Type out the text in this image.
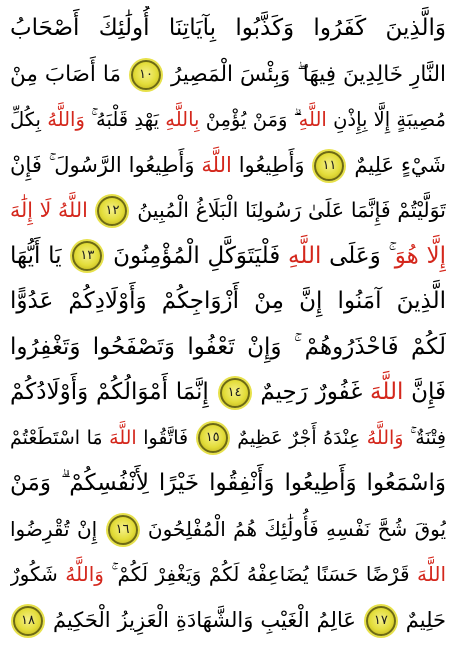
وَالَّذِينَ كَفَرُوا وَكَذَّبُوا بِآيَاتِنَا أُولَٰئِكَ أَصْحَابُ
النَّارِ خَالِدِينَ فِيهَا ۖ وَبِئْسَ الْمَصِيرُ ١٠ مَا أَصَابَ مِنْ
مُصِيبَةٍ إِلَّا بِإِذْنِ اللَّهِ ۗ وَمَنْ يُؤْمِنْ بِاللَّهِ يَهْدِ قَلْبَهُ ۚ وَاللَّهُ بِكُلِّ
شَيْءٍ عَلِيمٌ ١١ وَأَطِيعُوا اللَّهَ وَأَطِيعُوا الرَّسُولَ ۚ فَإِنْ
تَوَلَّيْتُمْ فَإِنَّمَا عَلَىٰ رَسُولِنَا الْبَلَاغُ الْمُبِينُ ١٢ اللَّهُ لَا إِلَٰهَ
إِلَّا هُوَ ۚ وَعَلَى اللَّهِ فَلْيَتَوَكَّلِ الْمُؤْمِنُونَ ١٣ يَا أَيُّهَا
الَّذِينَ آمَنُوا إِنَّ مِنْ أَزْوَاجِكُمْ وَأَوْلَادِكُمْ عَدُوًّا
لَكُمْ فَاحْذَرُوهُمْ ۚ وَإِنْ تَعْفُوا وَتَصْفَحُوا وَتَغْفِرُوا
فَإِنَّ اللَّهَ غَفُورٌ رَحِيمٌ ١٤ إِنَّمَا أَمْوَالُكُمْ وَأَوْلَادُكُمْ
فِتْنَةٌ ۚ وَاللَّهُ عِنْدَهُ أَجْرٌ عَظِيمٌ ١٥ فَاتَّقُوا اللَّهَ مَا اسْتَطَعْتُمْ
وَاسْمَعُوا وَأَطِيعُوا وَأَنْفِقُوا خَيْرًا لِأَنْفُسِكُمْ ۗ وَمَنْ
يُوقَ شُحَّ نَفْسِهِ فَأُولَٰئِكَ هُمُ الْمُفْلِحُونَ ١٦ إِنْ تُقْرِضُوا
اللَّهَ قَرْضًا حَسَنًا يُضَاعِفْهُ لَكُمْ وَيَغْفِرْ لَكُمْ ۚ وَاللَّهُ شَكُورٌ
حَلِيمٌ ١٧ عَالِمُ الْغَيْبِ وَالشَّهَادَةِ الْعَزِيزُ الْحَكِيمُ ١٨
